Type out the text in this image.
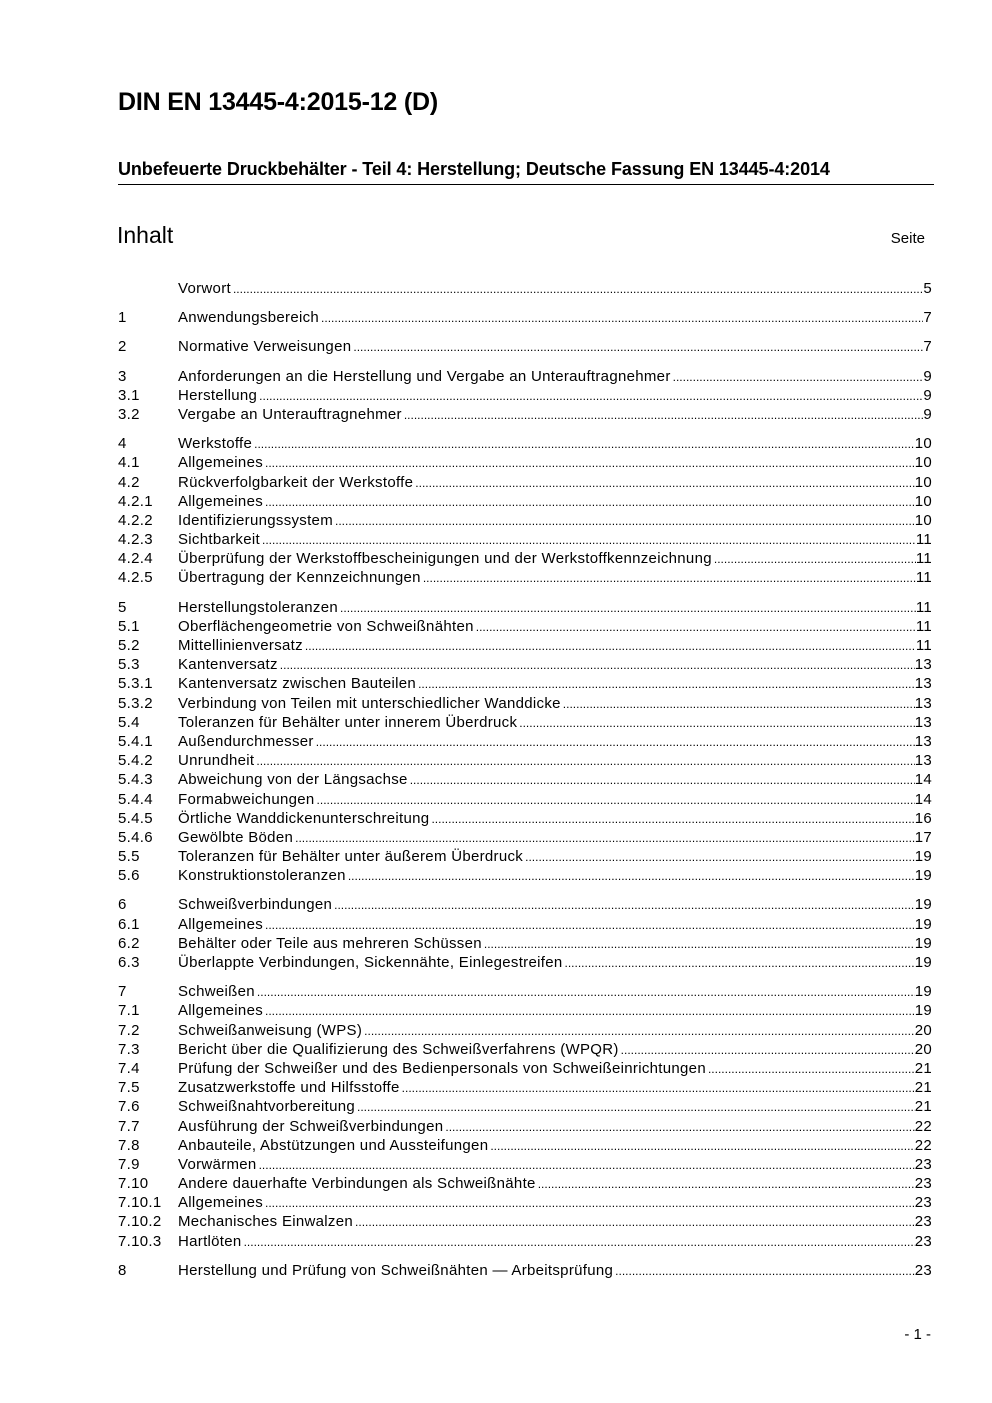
DIN EN 13445-4:2015-12 (D)
Unbefeuerte Druckbehälter - Teil 4: Herstellung; Deutsche Fassung EN 13445-4:2014
Inhalt	Seite
Vorwort .....	5
1	Anwendungsbereich .....	7
2	Normative Verweisungen .....	7
3	Anforderungen an die Herstellung und Vergabe an Unterauftragnehmer .....	9
3.1	Herstellung .....	9
3.2	Vergabe an Unterauftragnehmer .....	9
4	Werkstoffe .....	10
4.1	Allgemeines .....	10
4.2	Rückverfolgbarkeit der Werkstoffe .....	10
4.2.1	Allgemeines .....	10
4.2.2	Identifizierungssystem .....	10
4.2.3	Sichtbarkeit .....	11
4.2.4	Überprüfung der Werkstoffbescheinigungen und der Werkstoffkennzeichnung .....	11
4.2.5	Übertragung der Kennzeichnungen .....	11
5	Herstellungstoleranzen .....	11
5.1	Oberflächengeometrie von Schweißnähten .....	11
5.2	Mittellinienversatz .....	11
5.3	Kantenversatz .....	13
5.3.1	Kantenversatz zwischen Bauteilen .....	13
5.3.2	Verbindung von Teilen mit unterschiedlicher Wanddicke .....	13
5.4	Toleranzen für Behälter unter innerem Überdruck .....	13
5.4.1	Außendurchmesser .....	13
5.4.2	Unrundheit .....	13
5.4.3	Abweichung von der Längsachse .....	14
5.4.4	Formabweichungen .....	14
5.4.5	Örtliche Wanddickenunterschreitung .....	16
5.4.6	Gewölbte Böden .....	17
5.5	Toleranzen für Behälter unter äußerem Überdruck .....	19
5.6	Konstruktionstoleranzen .....	19
6	Schweißverbindungen .....	19
6.1	Allgemeines .....	19
6.2	Behälter oder Teile aus mehreren Schüssen .....	19
6.3	Überlappte Verbindungen, Sickennähte, Einlegestreifen .....	19
7	Schweißen .....	19
7.1	Allgemeines .....	19
7.2	Schweißanweisung (WPS) .....	20
7.3	Bericht über die Qualifizierung des Schweißverfahrens (WPQR) .....	20
7.4	Prüfung der Schweißer und des Bedienpersonals von Schweißeinrichtungen .....	21
7.5	Zusatzwerkstoffe und Hilfsstoffe .....	21
7.6	Schweißnahtvorbereitung .....	21
7.7	Ausführung der Schweißverbindungen .....	22
7.8	Anbauteile, Abstützungen und Aussteifungen .....	22
7.9	Vorwärmen .....	23
7.10	Andere dauerhafte Verbindungen als Schweißnähte .....	23
7.10.1	Allgemeines .....	23
7.10.2	Mechanisches Einwalzen .....	23
7.10.3	Hartlöten .....	23
8	Herstellung und Prüfung von Schweißnähten — Arbeitsprüfung .....	23
- 1 -
